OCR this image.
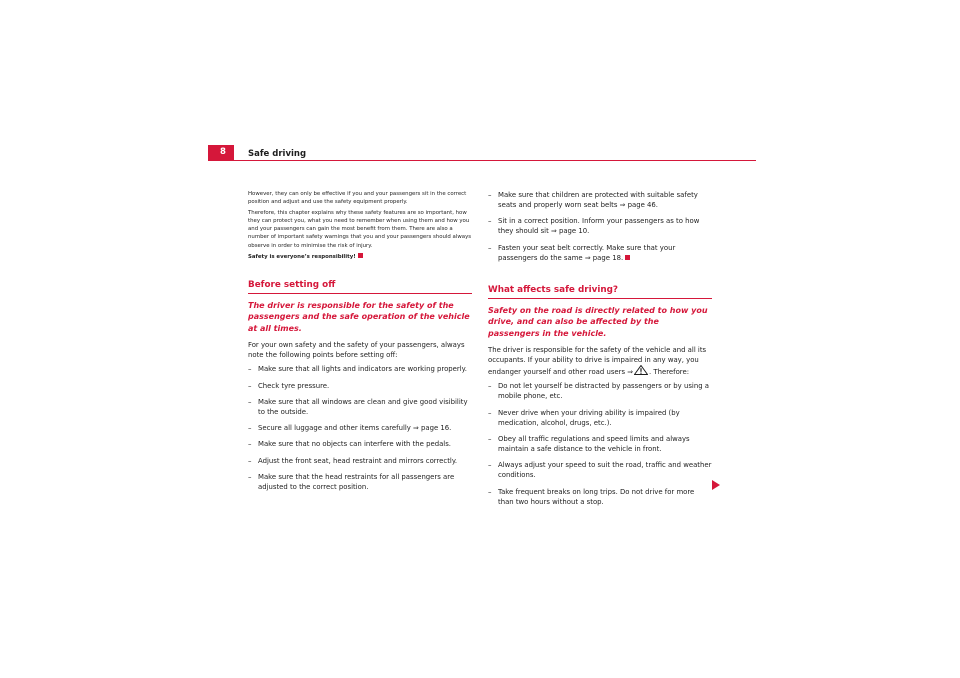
8	Safe driving

However, they can only be effective if you and your passengers sit in the correct position and adjust and use the safety equipment properly.

Therefore, this chapter explains why these safety features are so important, how they can protect you, what you need to remember when using them and how you and your passengers can gain the most benefit from them. There are also a number of important safety warnings that you and your passengers should always observe in order to minimise the risk of injury.

Safety is everyone’s responsibility!

Before setting off
The driver is responsible for the safety of the passengers and the safe operation of the vehicle at all times.

For your own safety and the safety of your passengers, always note the following points before setting off:

– Make sure that all lights and indicators are working properly.
– Check tyre pressure.
– Make sure that all windows are clean and give good visibility to the outside.
– Secure all luggage and other items carefully ⇒ page 16.
– Make sure that no objects can interfere with the pedals.
– Adjust the front seat, head restraint and mirrors correctly.
– Make sure that the head restraints for all passengers are adjusted to the correct position.
– Make sure that children are protected with suitable safety seats and properly worn seat belts ⇒ page 46.
– Sit in a correct position. Inform your passengers as to how they should sit ⇒ page 10.
– Fasten your seat belt correctly. Make sure that your passengers do the same ⇒ page 18.
What affects safe driving?
Safety on the road is directly related to how you drive, and can also be affected by the passengers in the vehicle.

The driver is responsible for the safety of the vehicle and all its occupants. If your ability to drive is impaired in any way, you endanger yourself and other road users ⇒ . Therefore:

– Do not let yourself be distracted by passengers or by using a mobile phone, etc.
– Never drive when your driving ability is impaired (by medication, alcohol, drugs, etc.).
– Obey all traffic regulations and speed limits and always maintain a safe distance to the vehicle in front.
– Always adjust your speed to suit the road, traffic and weather conditions.
– Take frequent breaks on long trips. Do not drive for more than two hours without a stop.
